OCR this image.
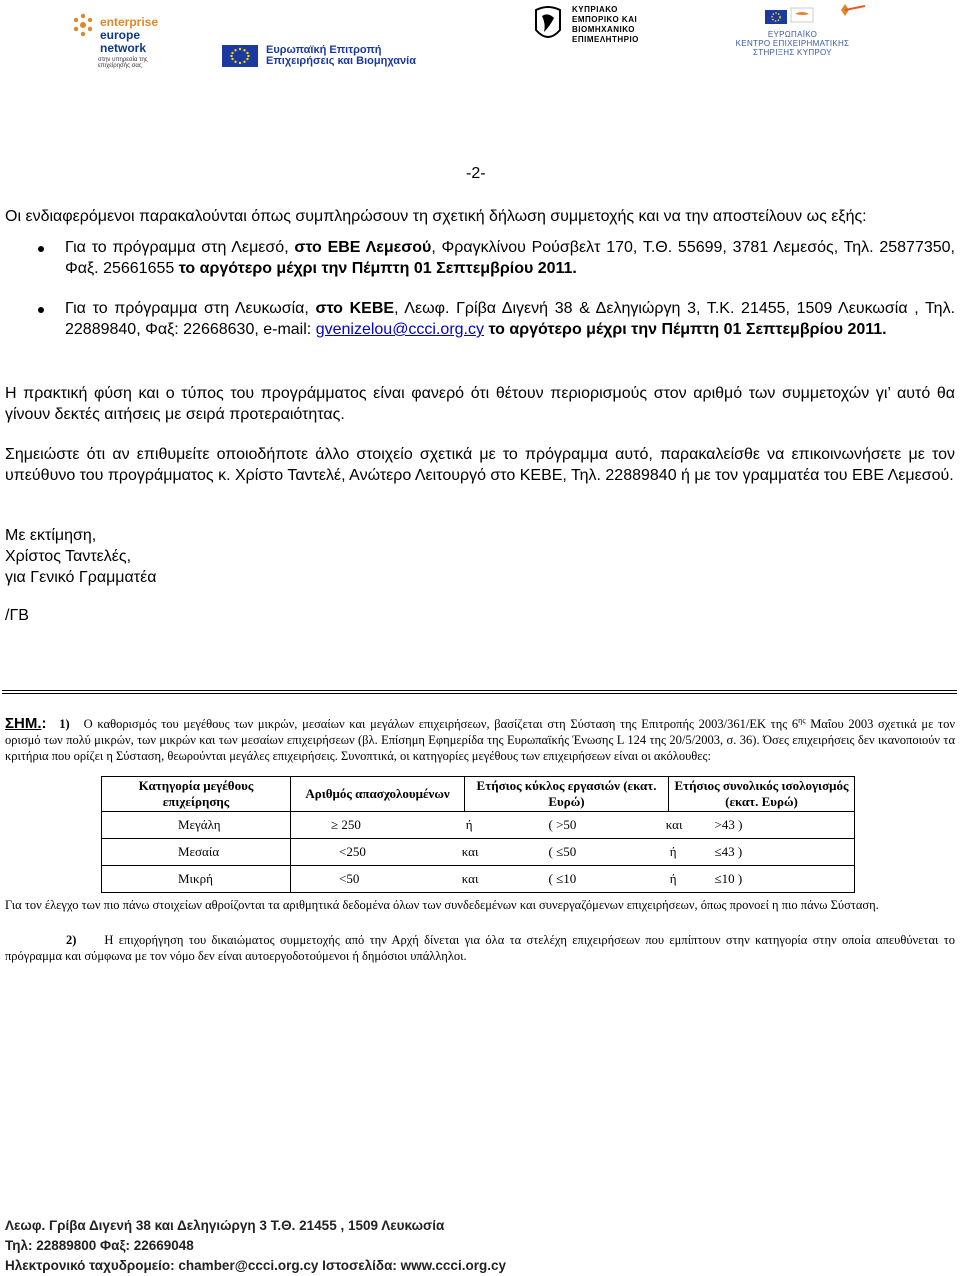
enterprise
europe
network
στην υπηρεσία της επιχείρησής σας
Ευρωπαϊκή Επιτροπή
Επιχειρήσεις και Βιομηχανία
ΚΥΠΡΙΑΚΟ
ΕΜΠΟΡΙΚΟ ΚΑΙ
ΒΙΟΜΗΧΑΝΙΚΟ
ΕΠΙΜΕΛΗΤΗΡΙΟ
ΕΥΡΩΠΑΪΚΟ
ΚΕΝΤΡΟ ΕΠΙΧΕΙΡΗΜΑΤΙΚΗΣ
ΣΤΗΡΙΞΗΣ ΚΥΠΡΟΥ
-2-
Οι ενδιαφερόμενοι παρακαλούνται όπως συμπληρώσουν τη σχετική δήλωση συμμετοχής και να την αποστείλουν ως εξής:
Για το πρόγραμμα στη Λεμεσό, στο ΕΒΕ Λεμεσού, Φραγκλίνου Ρούσβελτ 170, Τ.Θ. 55699, 3781 Λεμεσός, Τηλ. 25877350, Φαξ. 25661655 το αργότερο μέχρι την Πέμπτη 01 Σεπτεμβρίου 2011.
Για το πρόγραμμα στη Λευκωσία, στο ΚΕΒΕ, Λεωφ. Γρίβα Διγενή 38 & Δεληγιώργη 3, Τ.Κ. 21455, 1509 Λευκωσία , Τηλ. 22889840, Φαξ: 22668630, e-mail: gvenizelou@ccci.org.cy το αργότερο μέχρι την Πέμπτη 01 Σεπτεμβρίου 2011.
Η πρακτική φύση και ο τύπος του προγράμματος είναι φανερό ότι θέτουν περιορισμούς στον αριθμό των συμμετοχών γι’ αυτό θα γίνουν δεκτές αιτήσεις με σειρά προτεραιότητας.
Σημειώστε ότι αν επιθυμείτε οποιοδήποτε άλλο στοιχείο σχετικά με το πρόγραμμα αυτό, παρακαλείσθε να επικοινωνήσετε με τον υπεύθυνο του προγράμματος κ. Χρίστο Ταντελέ, Ανώτερο Λειτουργό στο ΚΕΒΕ, Τηλ. 22889840 ή με τον γραμματέα του ΕΒΕ Λεμεσού.
Με εκτίμηση,
Χρίστος Ταντελές,
για Γενικό Γραμματέα
/ΓΒ
ΣΗΜ.: 1) Ο καθορισμός του μεγέθους των μικρών, μεσαίων και μεγάλων επιχειρήσεων, βασίζεται στη Σύσταση της Επιτροπής 2003/361/ΕΚ της $6^{\eta\varsigma}$ Μαΐου 2003 σχετικά με τον ορισμό των πολύ μικρών, των μικρών και των μεσαίων επιχειρήσεων (βλ. Επίσημη Εφημερίδα της Ευρωπαϊκής Ένωσης L 124 της 20/5/2003, σ. 36). Όσες επιχειρήσεις δεν ικανοποιούν τα κριτήρια που ορίζει η Σύσταση, θεωρούνται μεγάλες επιχειρήσεις. Συνοπτικά, οι κατηγορίες μεγέθους των επιχειρήσεων είναι οι ακόλουθες:
Κατηγορία μεγέθους επιχείρησης	Αριθμός απασχολουμένων	Ετήσιος κύκλος εργασιών (εκατ. Ευρώ)	Ετήσιος συνολικός ισολογισμός (εκατ. Ευρώ)
Μεγάλη	≥ 250 ή	( >50 και	>43 )
Μεσαία	<250 και	( ≤50 ή	≤43 )
Μικρή	<50 και	( ≤10 ή	≤10 )
Για τον έλεγχο των πιο πάνω στοιχείων αθροίζονται τα αριθμητικά δεδομένα όλων των συνδεδεμένων και συνεργαζόμενων επιχειρήσεων, όπως προνοεί η πιο πάνω Σύσταση.
2) Η επιχορήγηση του δικαιώματος συμμετοχής από την Αρχή δίνεται για όλα τα στελέχη επιχειρήσεων που εμπίπτουν στην κατηγορία στην οποία απευθύνεται το πρόγραμμα και σύμφωνα με τον νόμο δεν είναι αυτοεργοδοτούμενοι ή δημόσιοι υπάλληλοι.
Λεωφ. Γρίβα Διγενή 38 και Δεληγιώργη 3 Τ.Θ. 21455 , 1509 Λευκωσία
Τηλ: 22889800 Φαξ: 22669048
Ηλεκτρονικό ταχυδρομείο: chamber@ccci.org.cy Ιστοσελίδα: www.ccci.org.cy
